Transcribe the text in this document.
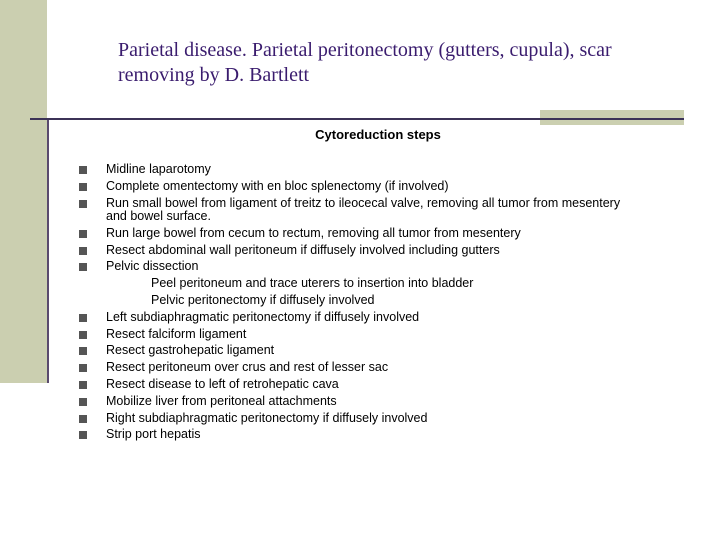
Parietal disease. Parietal peritonectomy (gutters, cupula), scar removing by D. Bartlett
Cytoreduction steps
Midline laparotomy
Complete omentectomy with en bloc splenectomy (if involved)
Run small bowel from ligament of treitz to ileocecal valve, removing all tumor from mesentery and bowel surface.
Run large bowel from cecum to rectum, removing all tumor from mesentery
Resect abdominal wall peritoneum if diffusely involved including gutters
Pelvic dissection
Peel peritoneum and trace uterers to insertion into bladder
Pelvic peritonectomy if diffusely involved
Left subdiaphragmatic peritonectomy if diffusely involved
Resect falciform ligament
Resect gastrohepatic ligament
Resect peritoneum over crus and rest of lesser sac
Resect disease to left of retrohepatic cava
Mobilize liver from peritoneal attachments
Right subdiaphragmatic peritonectomy if diffusely involved
Strip port hepatis
